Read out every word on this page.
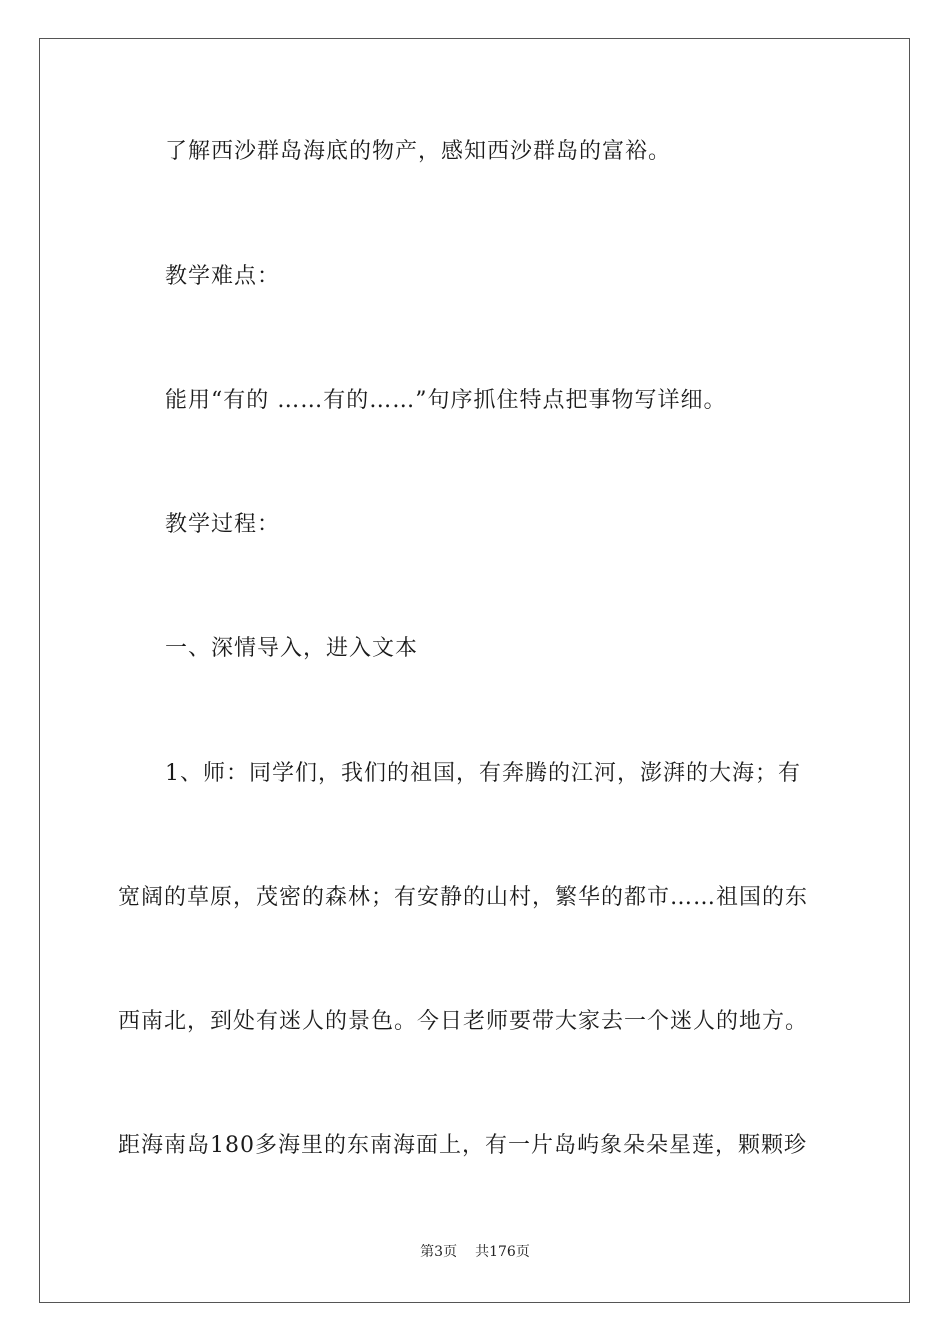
了解西沙群岛海底的物产，感知西沙群岛的富裕。
教学难点：
能用“有的 ……有的……”句序抓住特点把事物写详细。
教学过程：
一、深情导入，进入文本
1、师：同学们，我们的祖国，有奔腾的江河，澎湃的大海；有
宽阔的草原，茂密的森林；有安静的山村，繁华的都市……祖国的东
西南北，到处有迷人的景色。今日老师要带大家去一个迷人的地方。
距海南岛180多海里的东南海面上，有一片岛屿象朵朵星莲，颗颗珍
第3页 共176页
